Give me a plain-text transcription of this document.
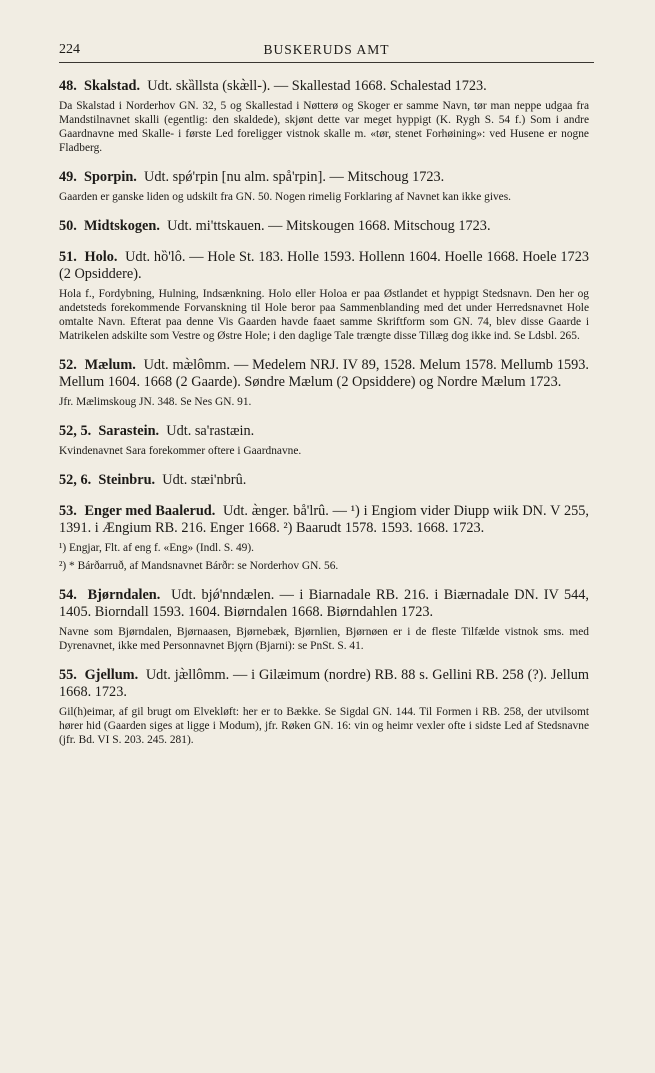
224	BUSKERUDS AMT
48. Skalstad. Udt. skȁllsta (skæ̀ll-). — Skallestad 1668. Schalestad 1723.
Da Skalstad i Norderhov GN. 32, 5 og Skallestad i Nøtterø og Skoger er samme Navn, tør man neppe udgaa fra Mandstilnavnet skalli (egentlig: den skaldede), skjønt dette var meget hyppigt (K. Rygh S. 54 f.) Som i andre Gaardnavne med Skalle- i første Led foreligger vistnok skalle m. «tør, stenet Forhøining»: ved Husene er nogne Fladberg.
49. Sporpin. Udt. spǿ'rpin [nu alm. spå'rpin]. — Mitschoug 1723.
Gaarden er ganske liden og udskilt fra GN. 50. Nogen rimelig Forklaring af Navnet kan ikke gives.
50. Midtskogen. Udt. mi'ttskauen. — Mitskougen 1668. Mitschoug 1723.
51. Holo. Udt. hȍ'lô. — Hole St. 183. Holle 1593. Hollenn 1604. Hoelle 1668. Hoele 1723 (2 Opsiddere).
Hola f., Fordybning, Hulning, Indsænkning. Holo eller Holoa er paa Østlandet et hyppigt Stedsnavn. Den her og andetsteds forekommende Forvanskning til Hole beror paa Sammenblanding med det under Herredsnavnet Hole omtalte Navn. Efterat paa denne Vis Gaarden havde faaet samme Skriftform som GN. 74, blev disse Gaarde i Matrikelen adskilte som Vestre og Østre Hole; i den daglige Tale trængte disse Tillæg dog ikke ind. Se Ldsbl. 265.
52. Mælum. Udt. mæ̀lômm. — Medelem NRJ. IV 89, 1528. Melum 1578. Mellumb 1593. Mellum 1604. 1668 (2 Gaarde). Søndre Mælum (2 Opsiddere) og Nordre Mælum 1723.
Jfr. Mælimskoug JN. 348. Se Nes GN. 91.
52, 5. Sarastein. Udt. sa'rastæin.
Kvindenavnet Sara forekommer oftere i Gaardnavne.
52, 6. Steinbru. Udt. stæi'nbrû.
53. Enger med Baalerud. Udt. æ̀nger. bå'lrû. — ¹) i Engiom vider Diupp wiik DN. V 255, 1391. i Ængium RB. 216. Enger 1668. ²) Baarudt 1578. 1593. 1668. 1723.
¹) Engjar, Flt. af eng f. «Eng» (Indl. S. 49).
²) * Bárðarruð, af Mandsnavnet Bárðr: se Norderhov GN. 56.
54. Bjørndalen. Udt. bjǿ'nndælen. — i Biarnadale RB. 216. i Biærnadale DN. IV 544, 1405. Biorndall 1593. 1604. Biørndalen 1668. Biørndahlen 1723.
Navne som Bjørndalen, Bjørnaasen, Bjørnebæk, Bjørnlien, Bjørnøen er i de fleste Tilfælde vistnok sms. med Dyrenavnet, ikke med Personnavnet Bjǫrn (Bjarni): se PnSt. S. 41.
55. Gjellum. Udt. jæ̀llômm. — i Gilæimum (nordre) RB. 88 s. Gellini RB. 258 (?). Jellum 1668. 1723.
Gil(h)eimar, af gil brugt om Elvekløft: her er to Bække. Se Sigdal GN. 144. Til Formen i RB. 258, der utvilsomt hører hid (Gaarden siges at ligge i Modum), jfr. Røken GN. 16: vin og heimr vexler ofte i sidste Led af Stedsnavne (jfr. Bd. VI S. 203. 245. 281).
